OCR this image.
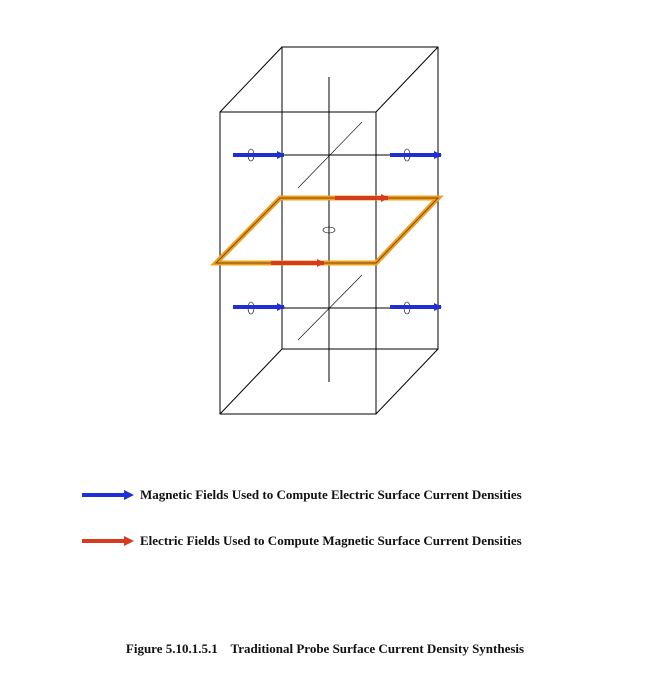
Magnetic Fields Used to Compute Electric Surface Current Densities
Electric Fields Used to Compute Magnetic Surface Current Densities
Figure 5.10.1.5.1 Traditional Probe Surface Current Density Synthesis
